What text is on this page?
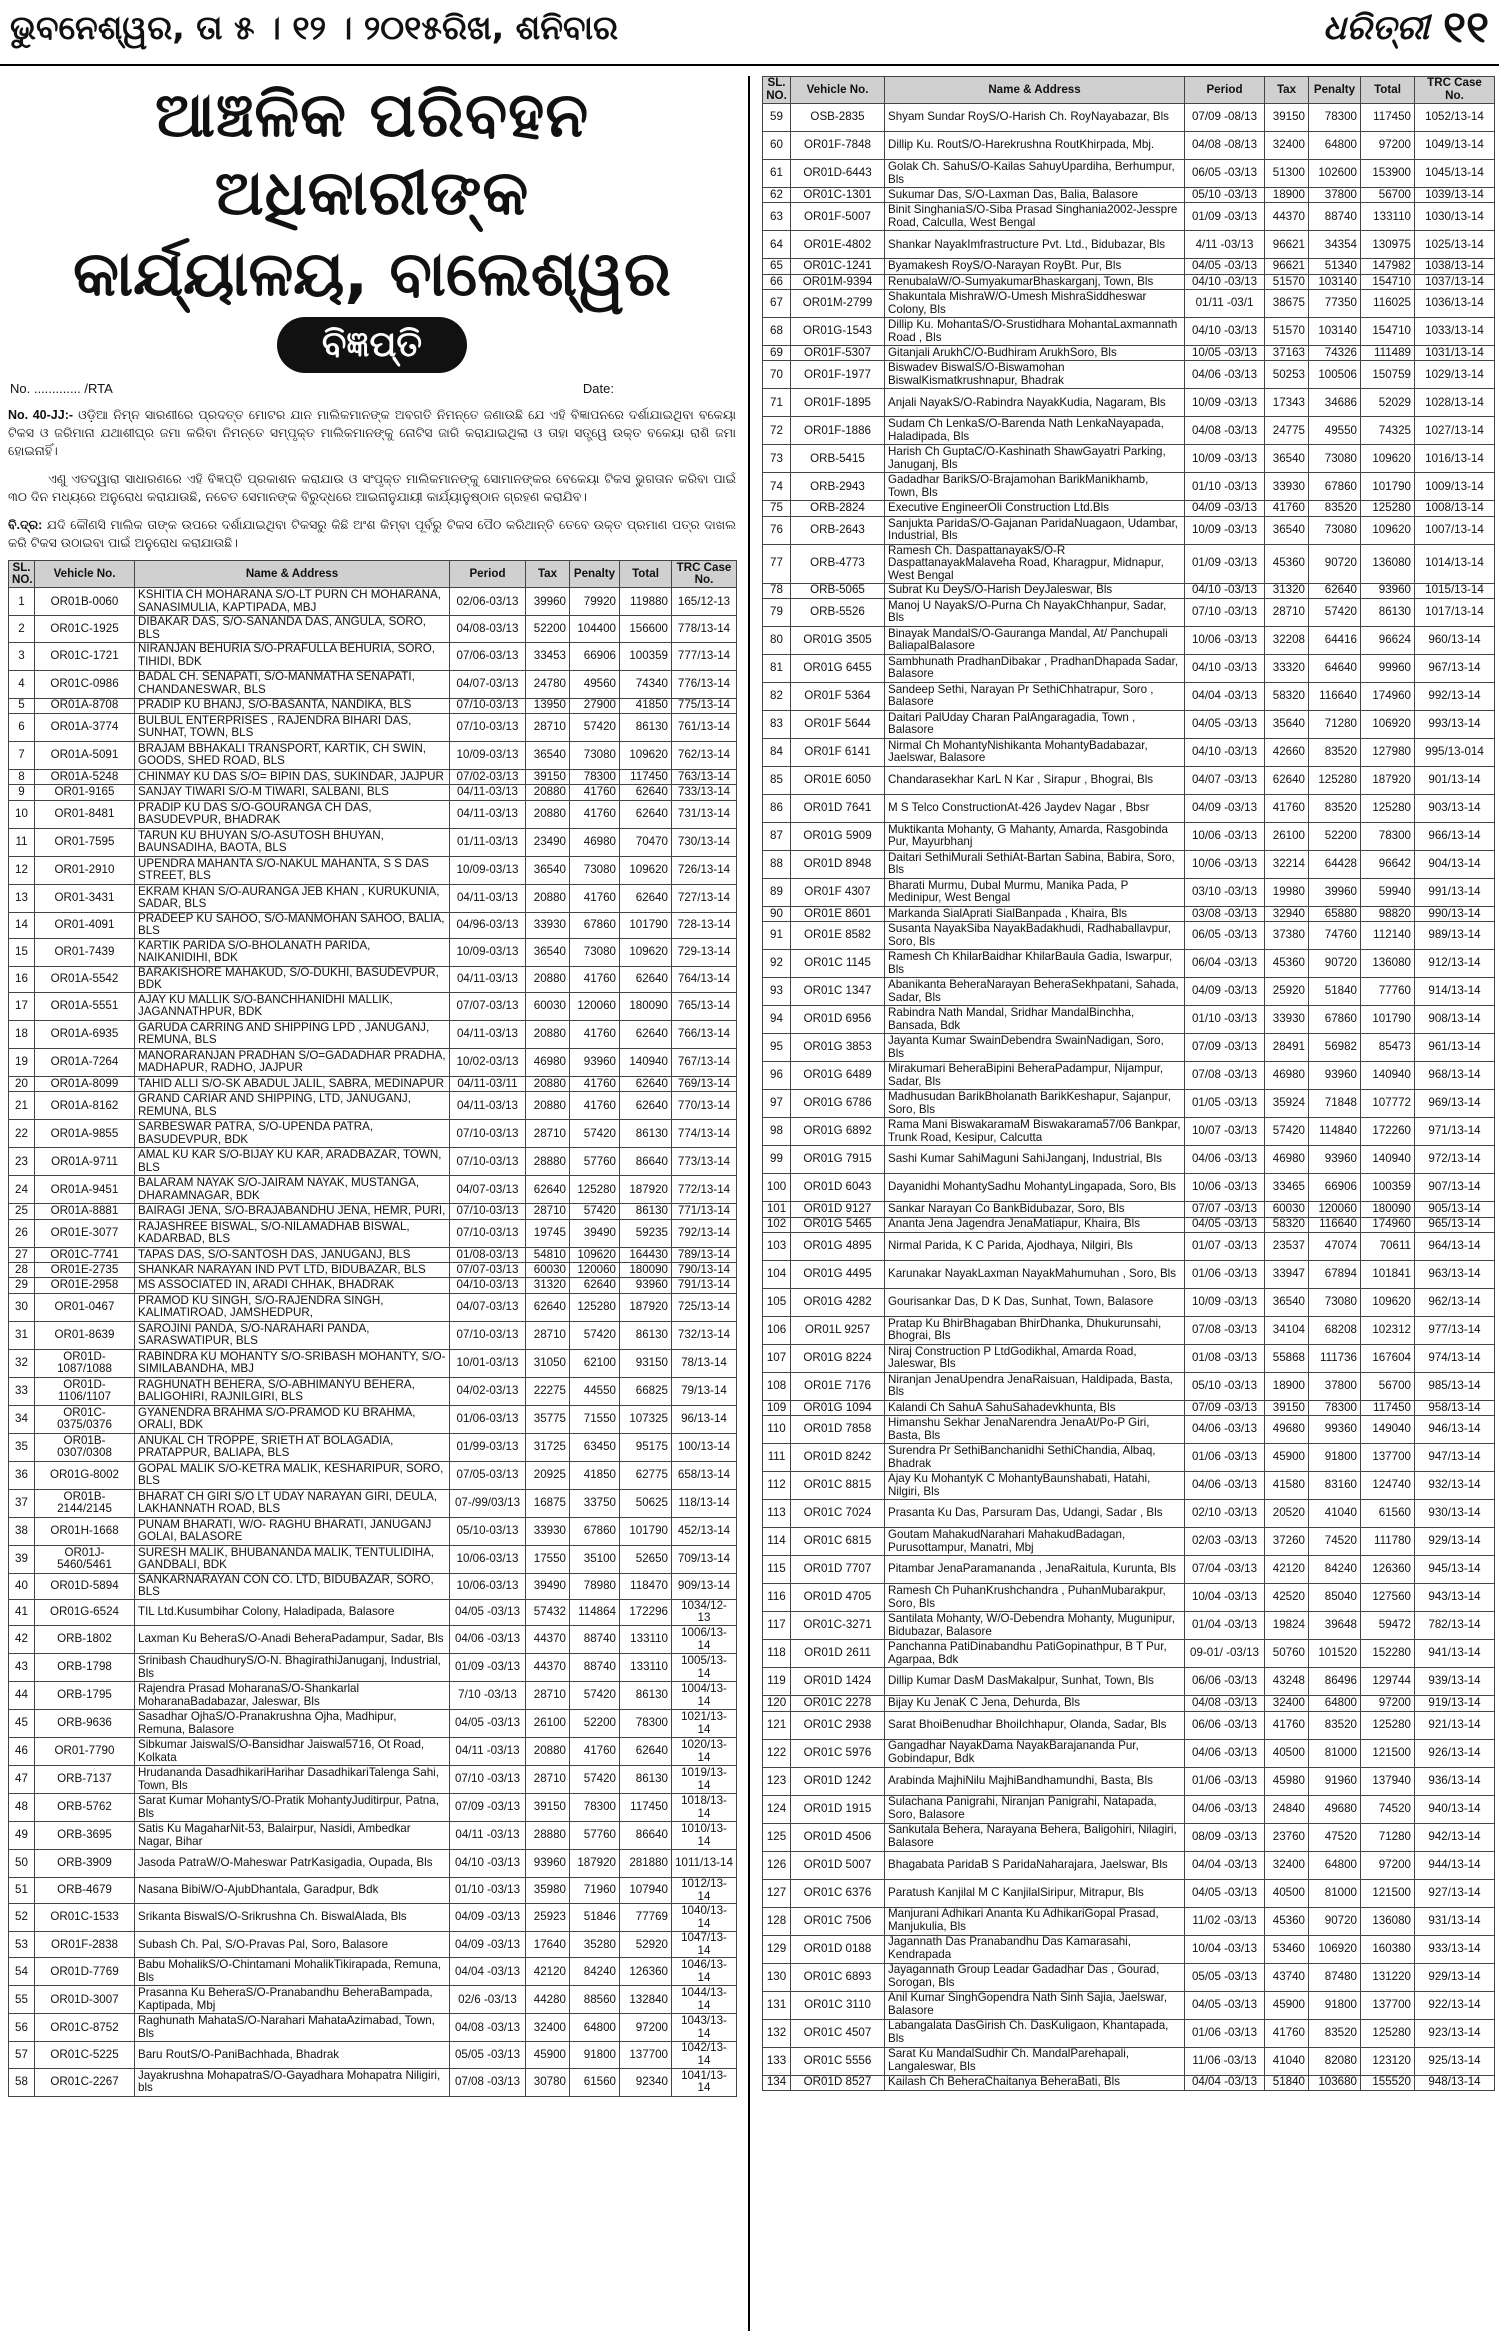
ଭୁବନେଶ୍ୱର, ତା ୫ । ୧୨ । ୨୦୧୫ରିଖ, ଶନିବାର	ଧରିତ୍ରୀ ୧୧
ଆଞ୍ଚଳିକ ପରିବହନ ଅଧିକାରୀଙ୍କ
କାର୍ଯ୍ୟାଳୟ, ବାଲେଶ୍ୱର
ବିଜ୍ଞପ୍ତି
No. ............. /RTA	Date:
No. 40-JJ:- ଓଡ଼ିଆ ନିମ୍ନ ସାରଣୀରେ ପ୍ରଦତ୍ତ ମୋଟର ଯାନ ମାଲିକମାନଙ୍କ ଅବଗତି ନିମନ୍ତେ ଜଣାଉଛି ଯେ ଏହି ବିଜ୍ଞାପନରେ ଦର୍ଶାଯାଇଥିବା ବକେୟା ଟିକସ ଓ ଜରିମାନା ଯଥାଶୀଘ୍ର ଜମା କରିବା ନିମନ୍ତେ ସମ୍ପୃକ୍ତ ମାଲିକମାନଙ୍କୁ ନୋଟିସ ଜାରି କରାଯାଇଥିଲା ଓ ତାହା ସତ୍ତ୍ୱେ ଉକ୍ତ ବକେୟା ରାଶି ଜମା ହୋଇନାହିଁ।
ଏଣୁ ଏତଦ୍ୱାରା ସାଧାରଣରେ ଏହି ବିଜ୍ଞପ୍ତି ପ୍ରକାଶନ କରାଯାଉ ଓ ସଂପୃକ୍ତ ମାଲିକମାନଙ୍କୁ ସୋମାନଙ୍କର ବେକେୟା ଟିକସ ଭୁଗତାନ କରିବା ପାଇଁ ୩୦ ଦିନ ମଧ୍ୟରେ ଅନୁରୋଧ କରାଯାଉଛି, ନଚେତ ସେମାନଙ୍କ ବିରୁଦ୍ଧରେ ଆଇନାନୁଯାୟୀ କାର୍ଯ୍ୟାନୁଷ୍ଠାନ ଗ୍ରହଣ କରାଯିବ।
ବି.ଦ୍ର: ଯଦି କୌଣସି ମାଲିକ ତାଙ୍କ ଉପରେ ଦର୍ଶାଯାଇଥିବା ଟିକସରୁ କିଛି ଅଂଶ କିମ୍ବା ପୂର୍ବରୁ ଟିକସ ପୈଠ କରିଥାନ୍ତି ତେବେ ଉକ୍ତ ପ୍ରମାଣ ପତ୍ର ଦାଖଲ କରି ଟିକସ ଉଠାଇବା ପାଇଁ ଅନୁରୋଧ କରାଯାଉଛି।
SL. NO.	Vehicle No.	Name & Address	Period	Tax	Penalty	Total	TRC Case No.
1	OR01B-0060	KSHITIA CH MOHARANA S/O-LT PURN CH MOHARANA, SANASIMULIA, KAPTIPADA, MBJ	02/06-03/13	39960	79920	119880	165/12-13
2	OR01C-1925	DIBAKAR DAS, S/O-SANANDA DAS, ANGULA, SORO, BLS	04/08-03/13	52200	104400	156600	778/13-14
3	OR01C-1721	NIRANJAN BEHURIA S/O-PRAFULLA BEHURIA, SORO, TIHIDI, BDK	07/06-03/13	33453	66906	100359	777/13-14
4	OR01C-0986	BADAL CH. SENAPATI, S/O-MANMATHA SENAPATI, CHANDANESWAR, BLS	04/07-03/13	24780	49560	74340	776/13-14
5	OR01A-8708	PRADIP KU BHANJ, S/O-BASANTA, NANDIKA, BLS	07/10-03/13	13950	27900	41850	775/13-14
6	OR01A-3774	BULBUL ENTERPRISES , RAJENDRA BIHARI DAS, SUNHAT, TOWN, BLS	07/10-03/13	28710	57420	86130	761/13-14
7	OR01A-5091	BRAJAM BBHAKALI TRANSPORT, KARTIK, CH SWIN, GOODS, SHED ROAD, BLS	10/09-03/13	36540	73080	109620	762/13-14
8	OR01A-5248	CHINMAY KU DAS S/O= BIPIN DAS, SUKINDAR, JAJPUR	07/02-03/13	39150	78300	117450	763/13-14
9	OR01-9165	SANJAY TIWARI S/O-M TIWARI, SALBANI, BLS	04/11-03/13	20880	41760	62640	733/13-14
10	OR01-8481	PRADIP KU DAS S/O-GOURANGA CH DAS, BASUDEVPUR, BHADRAK	04/11-03/13	20880	41760	62640	731/13-14
11	OR01-7595	TARUN KU BHUYAN S/O-ASUTOSH BHUYAN, BAUNSADIHA, BAOTA, BLS	01/11-03/13	23490	46980	70470	730/13-14
12	OR01-2910	UPENDRA MAHANTA S/O-NAKUL MAHANTA, S S DAS STREET, BLS	10/09-03/13	36540	73080	109620	726/13-14
13	OR01-3431	EKRAM KHAN S/O-AURANGA JEB KHAN , KURUKUNIA, SADAR, BLS	04/11-03/13	20880	41760	62640	727/13-14
14	OR01-4091	PRADEEP KU SAHOO, S/O-MANMOHAN SAHOO, BALIA, BLS	04/96-03/13	33930	67860	101790	728-13-14
15	OR01-7439	KARTIK PARIDA S/O-BHOLANATH PARIDA, NAIKANIDIHI, BDK	10/09-03/13	36540	73080	109620	729-13-14
16	OR01A-5542	BARAKISHORE MAHAKUD, S/O-DUKHI, BASUDEVPUR, BDK	04/11-03/13	20880	41760	62640	764/13-14
17	OR01A-5551	AJAY KU MALLIK S/O-BANCHHANIDHI MALLIK, JAGANNATHPUR, BDK	07/07-03/13	60030	120060	180090	765/13-14
18	OR01A-6935	GARUDA CARRING AND SHIPPING LPD , JANUGANJ, REMUNA, BLS	04/11-03/13	20880	41760	62640	766/13-14
19	OR01A-7264	MANORARANJAN PRADHAN S/O=GADADHAR PRADHA, MADHAPUR, RADHO, JAJPUR	10/02-03/13	46980	93960	140940	767/13-14
20	OR01A-8099	TAHID ALLI S/O-SK ABADUL JALIL, SABRA, MEDINAPUR	04/11-03/11	20880	41760	62640	769/13-14
21	OR01A-8162	GRAND CARIAR AND SHIPPING, LTD, JANUGANJ, REMUNA, BLS	04/11-03/13	20880	41760	62640	770/13-14
22	OR01A-9855	SARBESWAR PATRA, S/O-UPENDA PATRA, BASUDEVPUR, BDK	07/10-03/13	28710	57420	86130	774/13-14
23	OR01A-9711	AMAL KU KAR S/O-BIJAY KU KAR, ARADBAZAR, TOWN, BLS	07/10-03/13	28880	57760	86640	773/13-14
24	OR01A-9451	BALARAM NAYAK S/O-JAIRAM NAYAK, MUSTANGA, DHARAMNAGAR, BDK	04/07-03/13	62640	125280	187920	772/13-14
25	OR01A-8881	BAIRAGI JENA, S/O-BRAJABANDHU JENA, HEMR, PURI,	07/10-03/13	28710	57420	86130	771/13-14
26	OR01E-3077	RAJASHREE BISWAL, S/O-NILAMADHAB BISWAL, KADARBAD, BLS	07/10-03/13	19745	39490	59235	792/13-14
27	OR01C-7741	TAPAS DAS, S/O-SANTOSH DAS, JANUGANJ, BLS	01/08-03/13	54810	109620	164430	789/13-14
28	OR01E-2735	SHANKAR NARAYAN IND PVT LTD, BIDUBAZAR, BLS	07/07-03/13	60030	120060	180090	790/13-14
29	OR01E-2958	MS ASSOCIATED IN, ARADI CHHAK, BHADRAK	04/10-03/13	31320	62640	93960	791/13-14
30	OR01-0467	PRAMOD KU SINGH, S/O-RAJENDRA SINGH, KALIMATIROAD, JAMSHEDPUR,	04/07-03/13	62640	125280	187920	725/13-14
31	OR01-8639	SAROJINI PANDA, S/O-NARAHARI PANDA, SARASWATIPUR, BLS	07/10-03/13	28710	57420	86130	732/13-14
32	OR01D-1087/1088	RABINDRA KU MOHANTY S/O-SRIBASH MOHANTY, S/O-SIMILABANDHA, MBJ	10/01-03/13	31050	62100	93150	78/13-14
33	OR01D-1106/1107	RAGHUNATH BEHERA, S/O-ABHIMANYU BEHERA, BALIGOHIRI, RAJNILGIRI, BLS	04/02-03/13	22275	44550	66825	79/13-14
34	OR01C-0375/0376	GYANENDRA BRAHMA S/O-PRAMOD KU BRAHMA, ORALI, BDK	01/06-03/13	35775	71550	107325	96/13-14
35	OR01B-0307/0308	ANUKAL CH TROPPE, SRIETH AT BOLAGADIA, PRATAPPUR, BALIAPA, BLS	01/99-03/13	31725	63450	95175	100/13-14
36	OR01G-8002	GOPAL MALIK S/O-KETRA MALIK, KESHARIPUR, SORO, BLS	07/05-03/13	20925	41850	62775	658/13-14
37	OR01B-2144/2145	BHARAT CH GIRI S/O LT UDAY NARAYAN GIRI, DEULA, LAKHANNATH ROAD, BLS	07-/99/03/13	16875	33750	50625	118/13-14
38	OR01H-1668	PUNAM BHARATI, W/O- RAGHU BHARATI, JANUGANJ GOLAI, BALASORE	05/10-03/13	33930	67860	101790	452/13-14
39	OR01J-5460/5461	SURESH MALIK, BHUBANANDA MALIK, TENTULIDIHA, GANDBALI, BDK	10/06-03/13	17550	35100	52650	709/13-14
40	OR01D-5894	SANKARNARAYAN CON CO. LTD, BIDUBAZAR, SORO, BLS	10/06-03/13	39490	78980	118470	909/13-14
41	OR01G-6524	TIL Ltd.Kusumbihar Colony, Haladipada, Balasore	04/05 -03/13	57432	114864	172296	1034/12-13
42	ORB-1802	Laxman Ku BeheraS/O-Anadi BeheraPadampur, Sadar, Bls	04/06 -03/13	44370	88740	133110	1006/13-14
43	ORB-1798	Srinibash ChaudhuryS/O-N. BhagirathiJanuganj, Industrial, Bls	01/09 -03/13	44370	88740	133110	1005/13-14
44	ORB-1795	Rajendra Prasad MoharanaS/O-Shankarlal MoharanaBadabazar, Jaleswar, Bls	7/10 -03/13	28710	57420	86130	1004/13-14
45	ORB-9636	Sasadhar OjhaS/O-Pranakrushna Ojha, Madhipur, Remuna, Balasore	04/05 -03/13	26100	52200	78300	1021/13-14
46	OR01-7790	Sibkumar JaiswalS/O-Bansidhar Jaiswal5716, Ot Road, Kolkata	04/11 -03/13	20880	41760	62640	1020/13-14
47	ORB-7137	Hrudananda DasadhikariHarihar DasadhikariTalenga Sahi, Town, Bls	07/10 -03/13	28710	57420	86130	1019/13-14
48	ORB-5762	Sarat Kumar MohantyS/O-Pratik MohantyJuditirpur, Patna, Bls	07/09 -03/13	39150	78300	117450	1018/13-14
49	ORB-3695	Satis Ku MagaharNit-53, Balairpur, Nasidi, Ambedkar Nagar, Bihar	04/11 -03/13	28880	57760	86640	1010/13-14
50	ORB-3909	Jasoda PatraW/O-Maheswar PatrKasigadia, Oupada, Bls	04/10 -03/13	93960	187920	281880	1011/13-14
51	ORB-4679	Nasana BibiW/O-AjubDhantala, Garadpur, Bdk	01/10 -03/13	35980	71960	107940	1012/13-14
52	OR01C-1533	Srikanta BiswalS/O-Srikrushna Ch. BiswalAlada, Bls	04/09 -03/13	25923	51846	77769	1040/13-14
53	OR01F-2838	Subash Ch. Pal, S/O-Pravas Pal, Soro, Balasore	04/09 -03/13	17640	35280	52920	1047/13-14
54	OR01D-7769	Babu MohalikS/O-Chintamani MohalikTikirapada, Remuna, Bls	04/04 -03/13	42120	84240	126360	1046/13-14
55	OR01D-3007	Prasanna Ku BeheraS/O-Pranabandhu BeheraBampada, Kaptipada, Mbj	02/6 -03/13	44280	88560	132840	1044/13-14
56	OR01C-8752	Raghunath MahataS/O-Narahari MahataAzimabad, Town, Bls	04/08 -03/13	32400	64800	97200	1043/13-14
57	OR01C-5225	Baru RoutS/O-PaniBachhada, Bhadrak	05/05 -03/13	45900	91800	137700	1042/13-14
58	OR01C-2267	Jayakrushna MohapatraS/O-Gayadhara Mohapatra Niligiri, bls	07/08 -03/13	30780	61560	92340	1041/13-14
SL. NO.	Vehicle No.	Name & Address	Period	Tax	Penalty	Total	TRC Case No.
59	OSB-2835	Shyam Sundar RoyS/O-Harish Ch. RoyNayabazar, Bls	07/09 -08/13	39150	78300	117450	1052/13-14
60	OR01F-7848	Dillip Ku. RoutS/O-Harekrushna RoutKhirpada, Mbj.	04/08 -08/13	32400	64800	97200	1049/13-14
61	OR01D-6443	Golak Ch. SahuS/O-Kailas SahuyUpardiha, Berhumpur, Bls	06/05 -03/13	51300	102600	153900	1045/13-14
62	OR01C-1301	Sukumar Das, S/O-Laxman Das, Balia, Balasore	05/10 -03/13	18900	37800	56700	1039/13-14
63	OR01F-5007	Binit SinghaniaS/O-Siba Prasad Singhania2002-Jesspre Road, Calculla, West Bengal	01/09 -03/13	44370	88740	133110	1030/13-14
64	OR01E-4802	Shankar NayakImfrastructure Pvt. Ltd., Bidubazar, Bls	4/11 -03/13	96621	34354	130975	1025/13-14
65	OR01C-1241	Byamakesh RoyS/O-Narayan RoyBt. Pur, Bls	04/05 -03/13	96621	51340	147982	1038/13-14
66	OR01M-9394	RenubalaW/O-SumyakumarBhaskarganj, Town, Bls	04/10 -03/13	51570	103140	154710	1037/13-14
67	OR01M-2799	Shakuntala MishraW/O-Umesh MishraSiddheswar Colony, Bls	01/11 -03/1	38675	77350	116025	1036/13-14
68	OR01G-1543	Dillip Ku. MohantaS/O-Srustidhara MohantaLaxmannath Road , Bls	04/10 -03/13	51570	103140	154710	1033/13-14
69	OR01F-5307	Gitanjali ArukhC/O-Budhiram ArukhSoro, Bls	10/05 -03/13	37163	74326	111489	1031/13-14
70	OR01F-1977	Biswadev BiswalS/O-Biswamohan BiswalKismatkrushnapur, Bhadrak	04/06 -03/13	50253	100506	150759	1029/13-14
71	OR01F-1895	Anjali NayakS/O-Rabindra NayakKudia, Nagaram, Bls	10/09 -03/13	17343	34686	52029	1028/13-14
72	OR01F-1886	Sudam Ch LenkaS/O-Barenda Nath LenkaNayapada, Haladipada, Bls	04/08 -03/13	24775	49550	74325	1027/13-14
73	ORB-5415	Harish Ch GuptaC/O-Kashinath ShawGayatri Parking, Januganj, Bls	10/09 -03/13	36540	73080	109620	1016/13-14
74	ORB-2943	Gadadhar BarikS/O-Brajamohan BarikManikhamb, Town, Bls	01/10 -03/13	33930	67860	101790	1009/13-14
75	ORB-2824	Executive EngineerOli Construction Ltd.Bls	04/09 -03/13	41760	83520	125280	1008/13-14
76	ORB-2643	Sanjukta ParidaS/O-Gajanan ParidaNuagaon, Udambar, Industrial, Bls	10/09 -03/13	36540	73080	109620	1007/13-14
77	ORB-4773	Ramesh Ch. DaspattanayakS/O-R DaspattanayakMalaveha Road, Kharagpur, Midnapur, West Bengal	01/09 -03/13	45360	90720	136080	1014/13-14
78	ORB-5065	Subrat Ku DeyS/O-Harish DeyJaleswar, Bls	04/10 -03/13	31320	62640	93960	1015/13-14
79	ORB-5526	Manoj U NayakS/O-Purna Ch NayakChhanpur, Sadar, Bls	07/10 -03/13	28710	57420	86130	1017/13-14
80	OR01G 3505	Binayak MandalS/O-Gauranga Mandal, At/ Panchupali BaliapalBalasore	10/06 -03/13	32208	64416	96624	960/13-14
81	OR01G 6455	Sambhunath PradhanDibakar , PradhanDhapada Sadar, Balasore	04/10 -03/13	33320	64640	99960	967/13-14
82	OR01F 5364	Sandeep Sethi, Narayan Pr SethiChhatrapur, Soro , Balasore	04/04 -03/13	58320	116640	174960	992/13-14
83	OR01F 5644	Daitari PalUday Charan PalAngaragadia, Town , Balasore	04/05 -03/13	35640	71280	106920	993/13-14
84	OR01F 6141	Nirmal Ch MohantyNishikanta MohantyBadabazar, Jaelswar, Balasore	04/10 -03/13	42660	83520	127980	995/13-014
85	OR01E 6050	Chandarasekhar KarL N Kar , Sirapur , Bhograi, Bls	04/07 -03/13	62640	125280	187920	901/13-14
86	OR01D 7641	M S Telco ConstructionAt-426 Jaydev Nagar , Bbsr	04/09 -03/13	41760	83520	125280	903/13-14
87	OR01G 5909	Muktikanta Mohanty, G Mahanty, Amarda, Rasgobinda Pur, Mayurbhanj	10/06 -03/13	26100	52200	78300	966/13-14
88	OR01D 8948	Daitari SethiMurali SethiAt-Bartan Sabina, Babira, Soro, Bls	10/06 -03/13	32214	64428	96642	904/13-14
89	OR01F 4307	Bharati Murmu, Dubal Murmu, Manika Pada, P Medinipur, West Bengal	03/10 -03/13	19980	39960	59940	991/13-14
90	OR01E 8601	Markanda SialAprati SialBanpada , Khaira, Bls	03/08 -03/13	32940	65880	98820	990/13-14
91	OR01E 8582	Susanta NayakSiba NayakBadakhudi, Radhaballavpur, Soro, Bls	06/05 -03/13	37380	74760	112140	989/13-14
92	OR01C 1145	Ramesh Ch KhilarBaidhar KhilarBaula Gadia, Iswarpur, Bls	06/04 -03/13	45360	90720	136080	912/13-14
93	OR01C 1347	Abanikanta BeheraNarayan BeheraSekhpatani, Sahada, Sadar, Bls	04/09 -03/13	25920	51840	77760	914/13-14
94	OR01D 6956	Rabindra Nath Mandal, Sridhar MandalBinchha, Bansada, Bdk	01/10 -03/13	33930	67860	101790	908/13-14
95	OR01G 3853	Jayanta Kumar SwainDebendra SwainNadigan, Soro, Bls	07/09 -03/13	28491	56982	85473	961/13-14
96	OR01G 6489	Mirakumari BeheraBipini BeheraPadampur, Nijampur, Sadar, Bls	07/08 -03/13	46980	93960	140940	968/13-14
97	OR01G 6786	Madhusudan BarikBholanath BarikKeshapur, Sajanpur, Soro, Bls	01/05 -03/13	35924	71848	107772	969/13-14
98	OR01G 6892	Rama Mani BiswakaramaM Biswakarama57/06 Bankpar, Trunk Road, Kesipur, Calcutta	10/07 -03/13	57420	114840	172260	971/13-14
99	OR01G 7915	Sashi Kumar SahiMaguni SahiJanganj, Industrial, Bls	04/06 -03/13	46980	93960	140940	972/13-14
100	OR01D 6043	Dayanidhi MohantySadhu MohantyLingapada, Soro, Bls	10/06 -03/13	33465	66906	100359	907/13-14
101	OR01D 9127	Sankar Narayan Co BankBidubazar, Soro, Bls	07/07 -03/13	60030	120060	180090	905/13-14
102	OR01G 5465	Ananta Jena Jagendra JenaMatiapur, Khaira, Bls	04/05 -03/13	58320	116640	174960	965/13-14
103	OR01G 4895	Nirmal Parida, K C Parida, Ajodhaya, Nilgiri, Bls	01/07 -03/13	23537	47074	70611	964/13-14
104	OR01G 4495	Karunakar NayakLaxman NayakMahumuhan , Soro, Bls	01/06 -03/13	33947	67894	101841	963/13-14
105	OR01G 4282	Gourisankar Das, D K Das, Sunhat, Town, Balasore	10/09 -03/13	36540	73080	109620	962/13-14
106	OR01L 9257	Pratap Ku BhirBhagaban BhirDhanka, Dhukurunsahi, Bhograi, Bls	07/08 -03/13	34104	68208	102312	977/13-14
107	OR01G 8224	Niraj Construction P LtdGodikhal, Amarda Road, Jaleswar, Bls	01/08 -03/13	55868	111736	167604	974/13-14
108	OR01E 7176	Niranjan JenaUpendra JenaRaisuan, Haldipada, Basta, Bls	05/10 -03/13	18900	37800	56700	985/13-14
109	OR01G 1094	Kalandi Ch SahuA SahuSahadevkhunta, Bls	07/09 -03/13	39150	78300	117450	958/13-14
110	OR01D 7858	Himanshu Sekhar JenaNarendra JenaAt/Po-P Giri, Basta, Bls	04/06 -03/13	49680	99360	149040	946/13-14
111	OR01D 8242	Surendra Pr SethiBanchanidhi SethiChandia, Albaq, Bhadrak	01/06 -03/13	45900	91800	137700	947/13-14
112	OR01C 8815	Ajay Ku MohantyK C MohantyBaunshabati, Hatahi, Nilgiri, Bls	04/06 -03/13	41580	83160	124740	932/13-14
113	OR01C 7024	Prasanta Ku Das, Parsuram Das, Udangi, Sadar , Bls	02/10 -03/13	20520	41040	61560	930/13-14
114	OR01C 6815	Goutam MahakudNarahari MahakudBadagan, Purusottampur, Manatri, Mbj	02/03 -03/13	37260	74520	111780	929/13-14
115	OR01D 7707	Pitambar JenaParamananda , JenaRaitula, Kurunta, Bls	07/04 -03/13	42120	84240	126360	945/13-14
116	OR01D 4705	Ramesh Ch PuhanKrushchandra , PuhanMubarakpur, Soro, Bls	10/04 -03/13	42520	85040	127560	943/13-14
117	OR01C-3271	Santilata Mohanty, W/O-Debendra Mohanty, Mugunipur, Bidubazar, Balasore	01/04 -03/13	19824	39648	59472	782/13-14
118	OR01D 2611	Panchanna PatiDinabandhu PatiGopinathpur, B T Pur, Agarpaa, Bdk	09-01/ -03/13	50760	101520	152280	941/13-14
119	OR01D 1424	Dillip Kumar DasM DasMakalpur, Sunhat, Town, Bls	06/06 -03/13	43248	86496	129744	939/13-14
120	OR01C 2278	Bijay Ku JenaK C Jena, Dehurda, Bls	04/08 -03/13	32400	64800	97200	919/13-14
121	OR01C 2938	Sarat BhoiBenudhar BhoiIchhapur, Olanda, Sadar, Bls	06/06 -03/13	41760	83520	125280	921/13-14
122	OR01C 5976	Gangadhar NayakDama NayakBarajananda Pur, Gobindapur, Bdk	04/06 -03/13	40500	81000	121500	926/13-14
123	OR01D 1242	Arabinda MajhiNilu MajhiBandhamundhi, Basta, Bls	01/06 -03/13	45980	91960	137940	936/13-14
124	OR01D 1915	Sulachana Panigrahi, Niranjan Panigrahi, Natapada, Soro, Balasore	04/06 -03/13	24840	49680	74520	940/13-14
125	OR01D 4506	Sankutala Behera, Narayana Behera, Baligohiri, Nilagiri, Balasore	08/09 -03/13	23760	47520	71280	942/13-14
126	OR01D 5007	Bhagabata ParidaB S ParidaNaharajara, Jaelswar, Bls	04/04 -03/13	32400	64800	97200	944/13-14
127	OR01C 6376	Paratush Kanjilal M C KanjilalSiripur, Mitrapur, Bls	04/05 -03/13	40500	81000	121500	927/13-14
128	OR01C 7506	Manjurani Adhikari Ananta Ku AdhikariGopal Prasad, Manjukulia, Bls	11/02 -03/13	45360	90720	136080	931/13-14
129	OR01D 0188	Jagannath Das Pranabandhu Das Kamarasahi, Kendrapada	10/04 -03/13	53460	106920	160380	933/13-14
130	OR01C 6893	Jayagannath Group Leadar Gadadhar Das , Gourad, Sorogan, Bls	05/05 -03/13	43740	87480	131220	929/13-14
131	OR01C 3110	Anil Kumar SinghGopendra Nath Sinh Sajia, Jaelswar, Balasore	04/05 -03/13	45900	91800	137700	922/13-14
132	OR01C 4507	Labangalata DasGirish Ch. DasKuligaon, Khantapada, Bls	01/06 -03/13	41760	83520	125280	923/13-14
133	OR01C 5556	Sarat Ku MandalSudhir Ch. MandalParehapali, Langaleswar, Bls	11/06 -03/13	41040	82080	123120	925/13-14
134	OR01D 8527	Kailash Ch BeheraChaitanya BeheraBati, Bls	04/04 -03/13	51840	103680	155520	948/13-14
